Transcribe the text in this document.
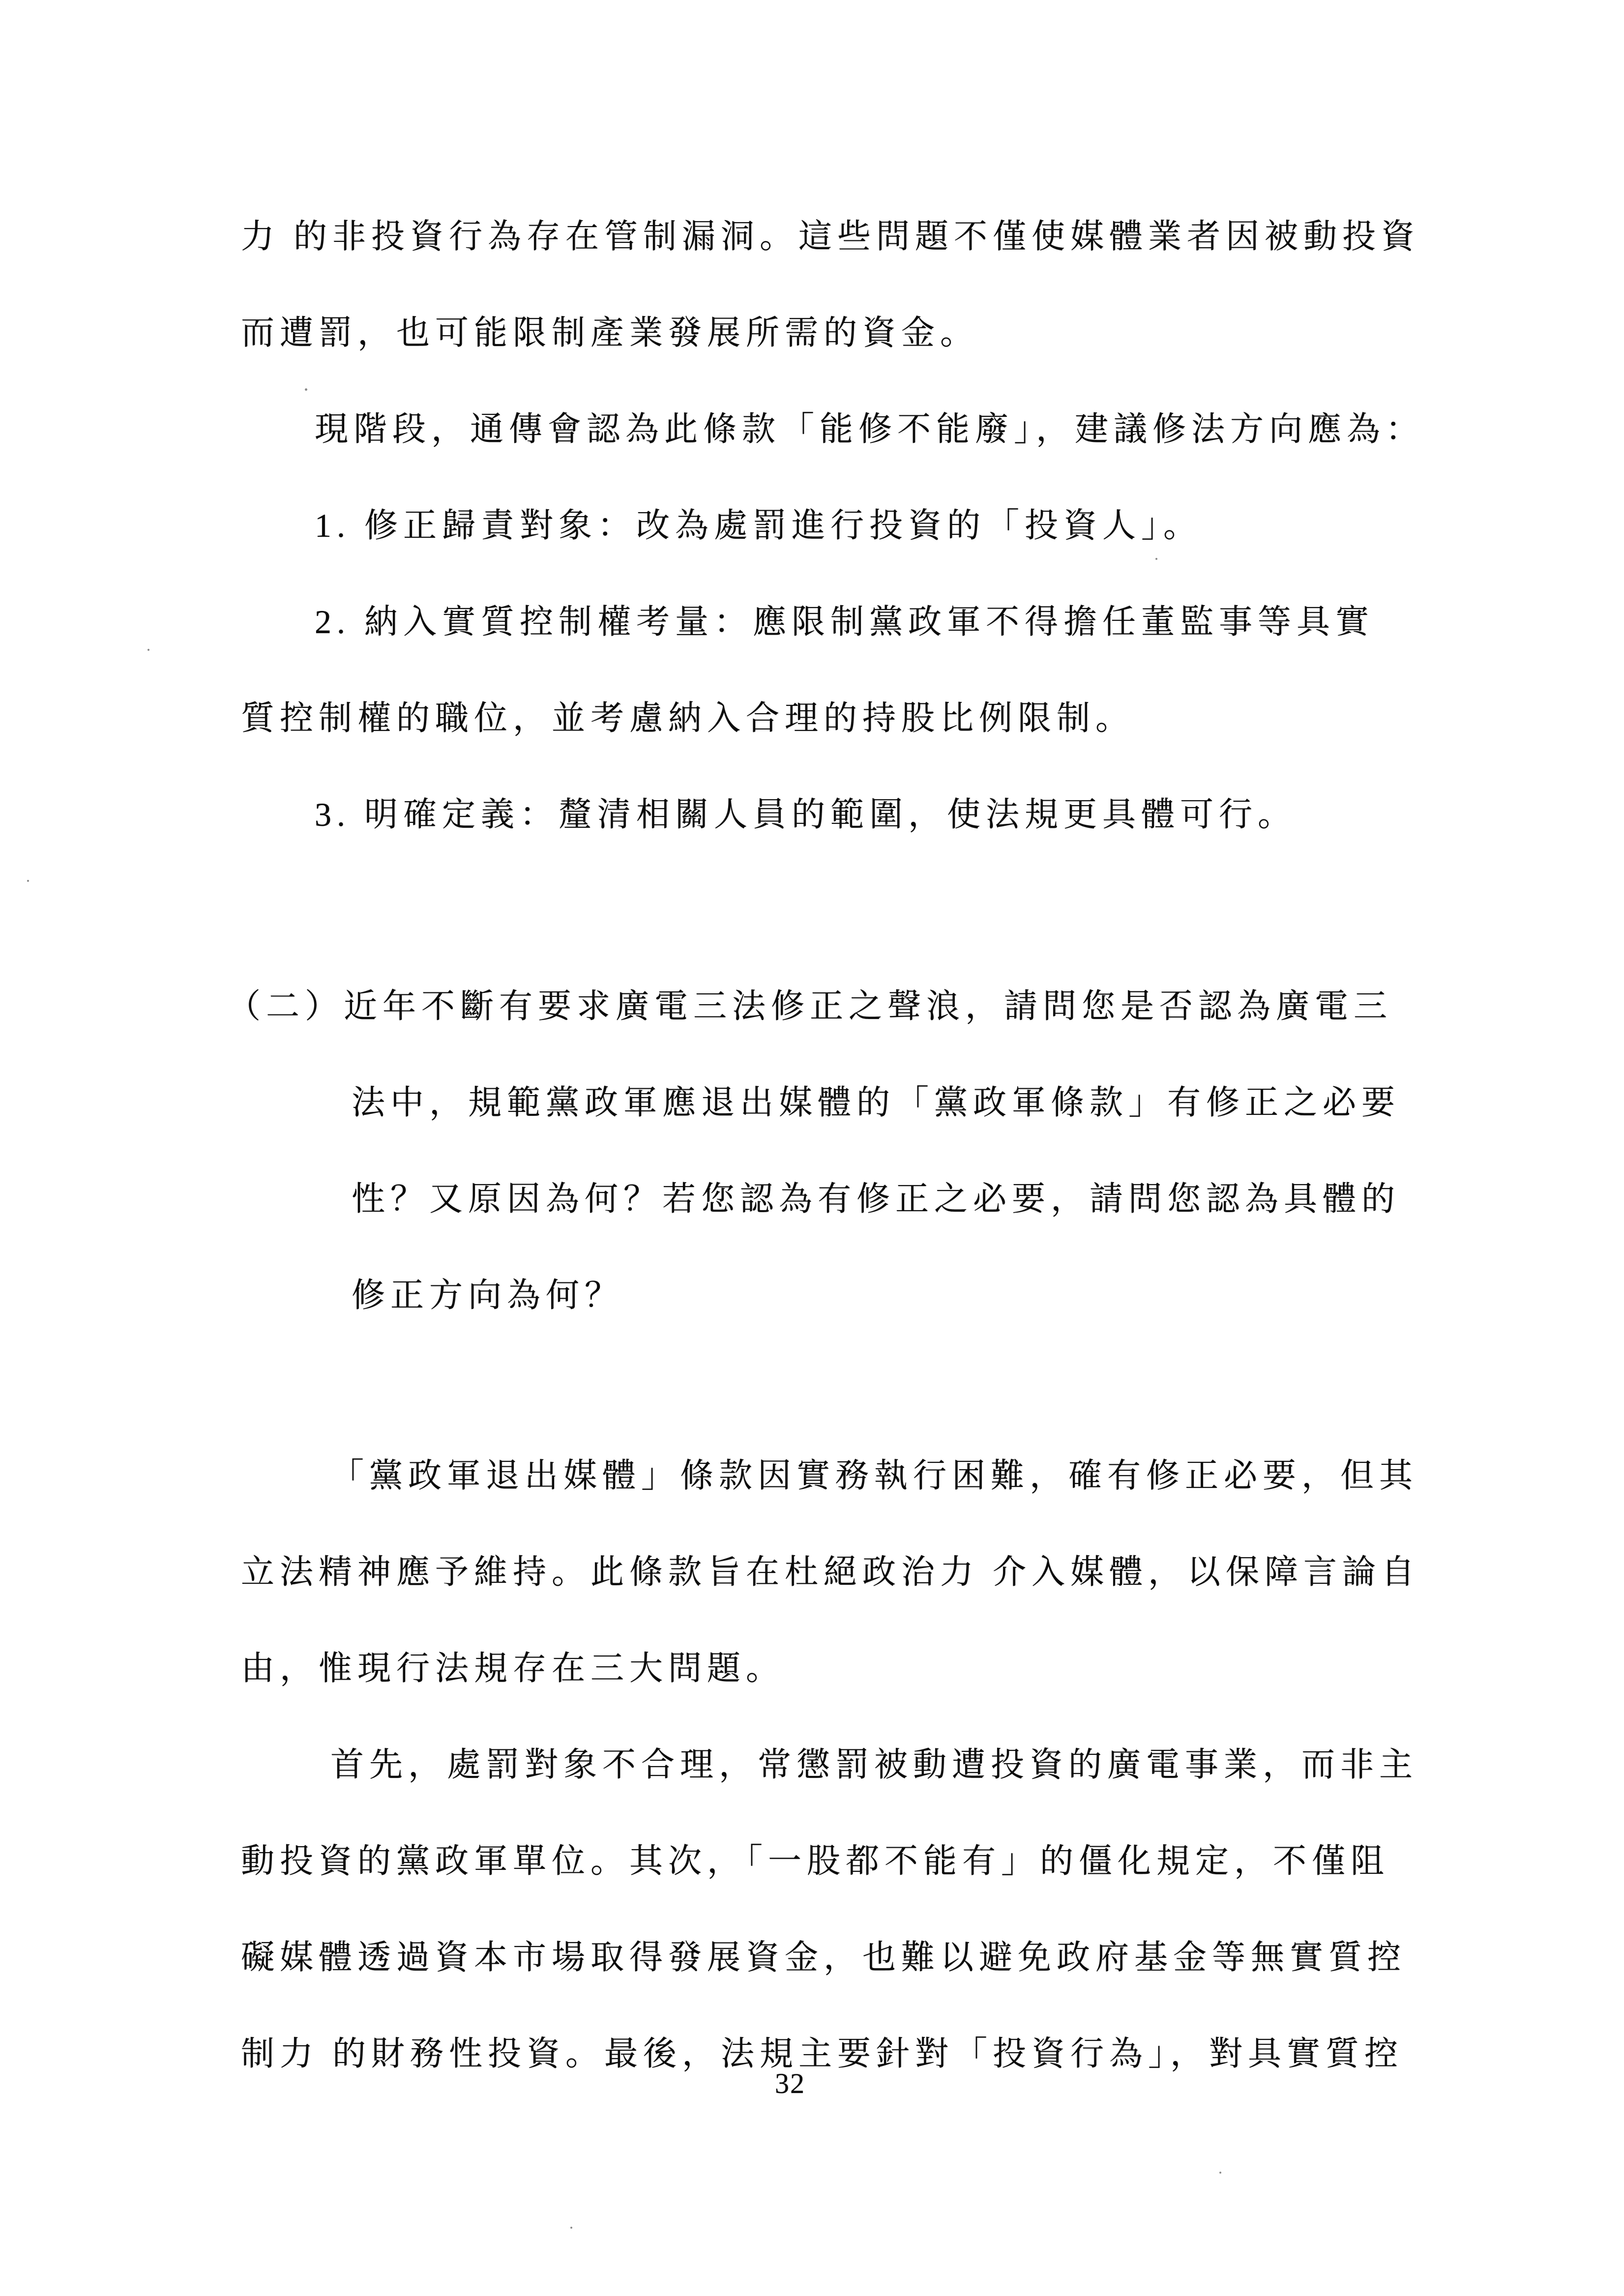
力 的非投資行為存在管制漏洞。這些問題不僅使媒體業者因被動投資
而遭罰，也可能限制產業發展所需的資金。
現階段，通傳會認為此條款「能修不能廢」，建議修法方向應為：
1. 修正歸責對象：改為處罰進行投資的「投資人」。
2. 納入實質控制權考量：應限制黨政軍不得擔任董監事等具實
質控制權的職位，並考慮納入合理的持股比例限制。
3. 明確定義：釐清相關人員的範圍，使法規更具體可行。
（二）近年不斷有要求廣電三法修正之聲浪，請問您是否認為廣電三
法中，規範黨政軍應退出媒體的「黨政軍條款」有修正之必要
性？又原因為何？若您認為有修正之必要，請問您認為具體的
修正方向為何？
「黨政軍退出媒體」條款因實務執行困難，確有修正必要，但其
立法精神應予維持。此條款旨在杜絕政治力 介入媒體，以保障言論自
由，惟現行法規存在三大問題。
首先，處罰對象不合理，常懲罰被動遭投資的廣電事業，而非主
動投資的黨政軍單位。其次，「一股都不能有」的僵化規定，不僅阻
礙媒體透過資本市場取得發展資金，也難以避免政府基金等無實質控
制力 的財務性投資。最後，法規主要針對「投資行為」，對具實質控
32
